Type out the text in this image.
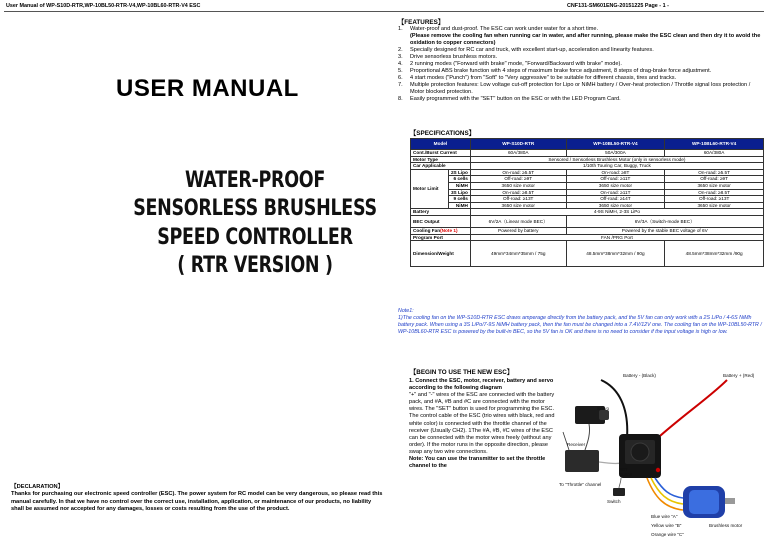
User Manual of WP-S10D-RTR,WP-10BL50-RTR-V4,WP-10BL60-RTR-V4 ESC	CNF131-SM601ENG-20151225 Page - 1 -
USER MANUAL
WATER-PROOF
SENSORLESS BRUSHLESS
SPEED CONTROLLER
( RTR VERSION )
【DECLARATION】
Thanks for purchasing our electronic speed controller (ESC). The power system for RC model can be very dangerous, so please read this manual carefully. In that we have no control over the correct use, installation, application, or maintenance of our products, no liability shall be assumed nor accepted for any damages, losses or costs resulting from the use of the product.
【FEATURES】
1. Water-proof and dust-proof. The ESC can work under water for a short time.
(Please remove the cooling fan when running car in water, and after running, please make the ESC clean and then dry it to avoid the oxidation to copper connectors)
2. Specially designed for RC car and truck, with excellent start-up, acceleration and linearity features.
3. Drive sensorless brushless motors.
4. 2 running modes ("Forward with brake" mode, "Forward/Backward with brake" mode).
5. Proportional ABS brake function with 4 steps of maximum brake force adjustment, 8 steps of drag-brake force adjustment.
6. 4 start modes ("Punch") from "Soft" to "Very aggressive" to be suitable for different chassis, tires and tracks.
7. Multiple protection features: Low voltage cut-off protection for Lipo or NiMH battery / Over-heat protection / Throttle signal loss protection / Motor blocked protection.
8. Easily programmed with the "SET" button on the ESC or with the LED Program Card.
【SPECIFICATIONS】
Model		WP-S10D-RTR	WP-10BL50-RTR-V4	WP-10BL60-RTR-V4
Cont./Burst Current		60A/380A	50A/300A	60A/380A
Motor Type		Sensored / Sensorless Brushless Motor (only in sensorless mode)		
Car Applicable		1/10th Touring Car, Buggy, Truck		
Motor Limit	2S Lipo	On-road: ≥5.5T	On-road: ≥8T	On-road: ≥5.5T
	6 cells	Off-road: ≥9T	Off-road: ≥11T	Off-road: ≥9T
	NiMH	3650 size motor	3650 size motor	3650 size motor
	3S Lipo	On-road: ≥8.5T	On-road: ≥11T	On-road: ≥8.5T
	9 cells	Off-road: ≥13T	Off-road: ≥14T	Off-road: ≥13T
	NiMH	3650 size motor	3650 size motor	3650 size motor
Battery		4-9S NiMH, 2-3S LiPo		
BEC Output		6V/2A（Linear mode BEC）	6V/3A（Switch-mode BEC）	
Cooling Fan(Note 1)		Powered by battery	Powered by the stable BEC voltage of 6V	
Program Port		FAN /PRG Port		
Dimension/Weight		49mm*34mm*35mm / 75g	48.5mm*38mm*32mm / 90g	48.5mm*38mm*32mm /90g
Note1:
1)The cooling fan on the WP-S10D-RTR ESC draws amperage directly from the battery pack, and the 5V fan can only work with a 2S LiPo / 4-6S NiMh battery pack. When using a 3S LiPo/7-9S NiMH battery pack, then the fan must be changed into a 7.4V/12V one. The cooling fan on the WP-10BL50-RTR / WP-10BL60-RTR ESC is powered by the built-in BEC, so the 5V fan is OK and there is no need to consider if the input voltage is high or low.
【BEGIN TO USE THE NEW ESC】
1. Connect the ESC, motor, receiver, battery and servo according to the following diagram
"+" and "-" wires of the ESC are connected with the battery pack, and #A, #B and #C are connected with the motor wires. The "SET" button is used for programming the ESC. The control cable of the ESC (trio wires with black, red and white color) is connected with the throttle channel of the receiver (Usually CH2). 1The #A, #B, #C wires of the ESC can be connected with the motor wires freely (without any order). If the motor runs in the opposite direction, please swap any two wire connections.
Note: You can use the transmitter to set the throttle channel to the
Battery - (Black)	Battery + (Red)
Servo
Receiver
SET Button
To "Throttle" channel
Switch
Blue wire "A"
Yellow wire "B"
Orange wire "C"
Brushless motor
